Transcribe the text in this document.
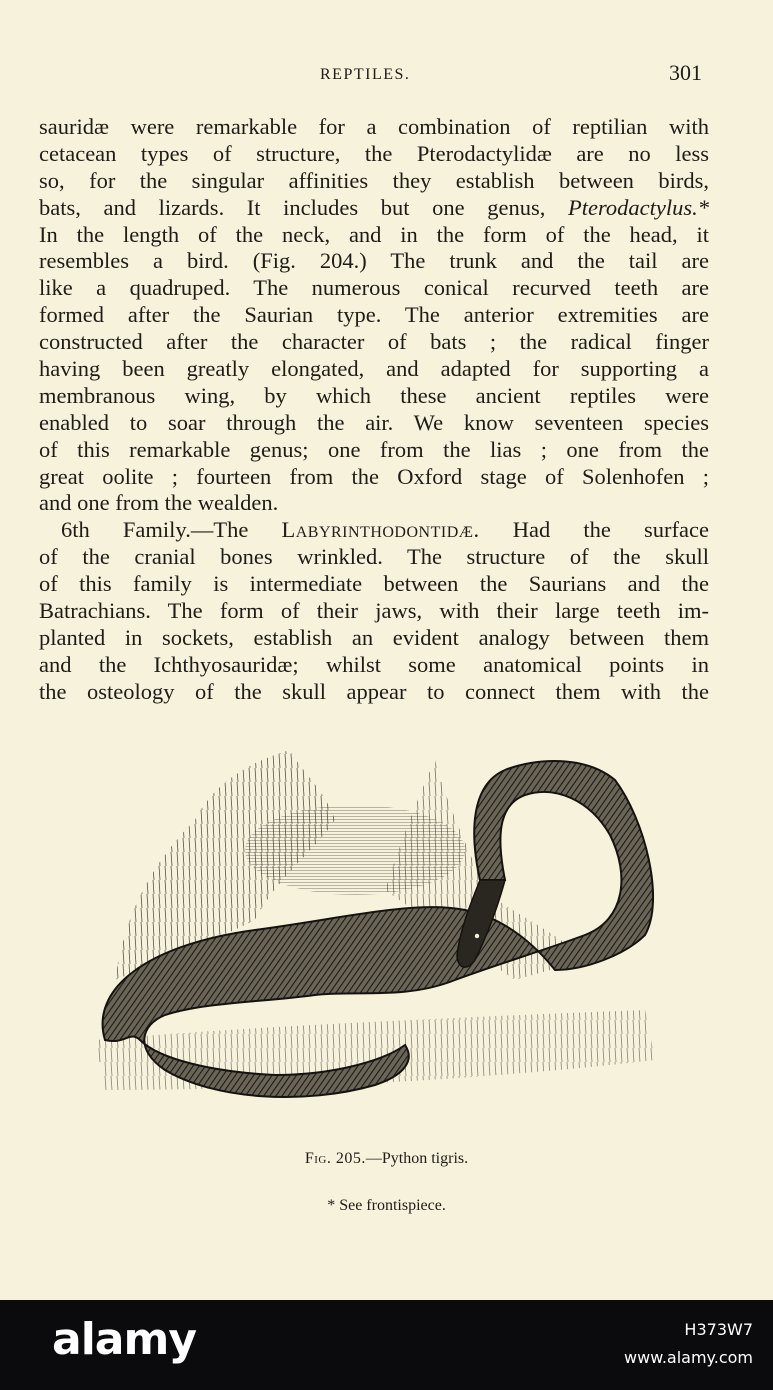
REPTILES.	301
sauridæ were remarkable for a combination of reptilian with
cetacean types of structure, the Pterodactylidæ are no less
so, for the singular affinities they establish between birds,
bats, and lizards. It includes but one genus, Pterodactylus.*
In the length of the neck, and in the form of the head, it
resembles a bird. (Fig. 204.) The trunk and the tail are
like a quadruped. The numerous conical recurved teeth are
formed after the Saurian type. The anterior extremities are
constructed after the character of bats ; the radical finger
having been greatly elongated, and adapted for supporting a
membranous wing, by which these ancient reptiles were
enabled to soar through the air. We know seventeen species
of this remarkable genus; one from the lias ; one from the
great oolite ; fourteen from the Oxford stage of Solenhofen ;
and one from the wealden.
6th Family.—The Labyrinthodontidæ. Had the surface
of the cranial bones wrinkled. The structure of the skull
of this family is intermediate between the Saurians and the
Batrachians. The form of their jaws, with their large teeth im-
planted in sockets, establish an evident analogy between them
and the Ichthyosauridæ; whilst some anatomical points in
the osteology of the skull appear to connect them with the
Fig. 205.—Python tigris.
* See frontispiece.
alamy	H373W7
www.alamy.com
